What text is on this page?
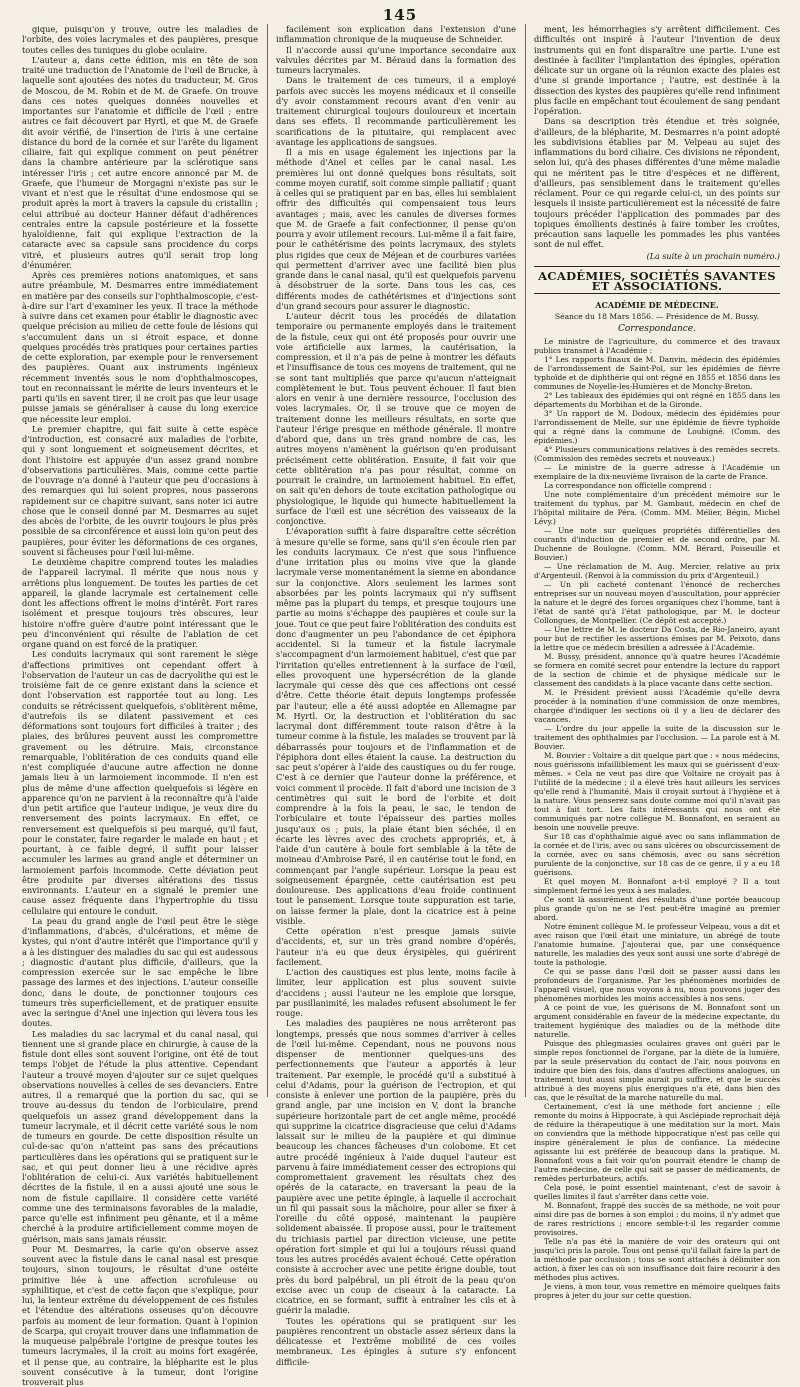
145

gique, puisqu'on y trouve, outre les maladies de l'orbite, des voies lacrymales et des paupières, presque toutes celles des tuniques du globe oculaire.

L'auteur a, dans cette édition, mis en tête de son traité une traduction de l'Anatomie de l'œil de Brucke, à laquelle sont ajoutées des notes du traducteur, M. Gros de Moscou, de M. Robin et de M. de Graefe. On trouve dans ces notes quelques données nouvelles et importantes sur l'anatomie et difficile de l'œil ; entre autres ce fait découvert par Hyrtl, et que M. de Graefe dit avoir vérifié, de l'insertion de l'iris à une certaine distance du bord de la cornée et sur l'arête du ligament ciliaire, fait qui explique comment on peut pénétrer dans la chambre antérieure par la sclérotique sans intéresser l'iris ; cet autre encore annoncé par M. de Graefe, que l'humeur de Morgagni n'existe pas sur le vivant et n'est que le résultat d'une endosmose qui se produit après la mort à travers la capsule du cristallin ; celui attribué au docteur Hanner défaut d'adhérences centrales entre la capsule postérieure et la fossette hyaloïdienne, fait qui explique l'extraction de la cataracte avec sa capsule sans procidence du corps vitré, et plusieurs autres qu'il serait trop long d'énumérer.

Après ces premières notions anatomiques, et sans autre préambule, M. Desmarres entre immédiatement en matière par des conseils sur l'ophthalmoscopie, c'est-à-dire sur l'art d'examiner les yeux. Il trace la méthode à suivre dans cet examen pour établir le diagnostic avec quelque précision au milieu de cette foule de lésions qui s'accumulent dans un si étroit espace, et donne quelques procédés très pratiques pour certaines parties de cette exploration, par exemple pour le renversement des paupières. Quant aux instruments ingénieux récemment inventés sous le nom d'ophthalmoscopes, tout en reconnaissant le mérite de leurs inventeurs et le parti qu'ils en savent tirer, il ne croit pas que leur usage puisse jamais se généraliser à cause du long exercice que nécessite leur emploi.

Le premier chapitre, qui fait suite à cette espèce d'introduction, est consacré aux maladies de l'orbite, qui y sont longuement et soigneusement décrites, et dont l'histoire est appuyée d'un assez grand nombre d'observations particulières. Mais, comme cette partie de l'ouvrage n'a donné à l'auteur que peu d'occasions à des remarques qui lui soient propres, nous passerons rapidement sur ce chapitre suivant, sans noter ici autre chose que le conseil donné par M. Desmarres au sujet des abcès de l'orbite, de les ouvrir toujours le plus près possible de sa circonférence et aussi loin qu'on peut des paupières, pour éviter les déformations de ces organes, souvent si fâcheuses pour l'œil lui-même.

Le deuxième chapitre comprend toutes les maladies de l'appareil lacrymal. Il mérite que nous nous y arrêtions plus longuement. De toutes les parties de cet appareil, la glande lacrymale est certainement celle dont les affections offrent le moins d'intérêt. Fort rares isolément et presque toujours très obscures, leur histoire n'offre guère d'autre point intéressant que le peu d'inconvénient qui résulte de l'ablation de cet organe quand on est forcé de la pratiquer.

Les conduits lacrymaux qui sont rarement le siège d'affections primitives ont cependant offert à l'observation de l'auteur un cas de dacryolithe qui est le troisième fait de ce genre existant dans la science et dont l'observation est rapportée tout au long. Les conduits se rétrécissent quelquefois, s'oblitèrent même, d'autrefois ils se dilatent passivement et ces déformations sont toujours fort difficiles à traiter ; des plaies, des brûlures peuvent aussi les compromettre gravement ou les détruire. Mais, circonstance remarquable, l'oblitération de ces conduits quand elle n'est compliquée d'aucune autre affection ne donne jamais lieu à un larmoiement incommode. Il n'en est plus de même d'une affection quelquefois si légère en apparence qu'on ne parvient à la reconnaître qu'à l'aide d'un petit artifice que l'auteur indique, je veux dire du renversement des points lacrymaux. En effet, ce renversement est quelquefois si peu marqué, qu'il faut, pour le constater, faire regarder le malade en haut ; et pourtant, à ce faible degré, il suffit pour laisser accumuler les larmes au grand angle et déterminer un larmoiement parfois incommode. Cette déviation peut être produite par diverses altérations des tissus environnants. L'auteur en a signalé le premier une cause assez fréquente dans l'hypertrophie du tissu cellulaire qui entoure le conduit.

La peau du grand angle de l'œil peut être le siège d'inflammations, d'abcès, d'ulcérations, et même de kystes, qui n'ont d'autre intérêt que l'importance qu'il y a à les distinguer des maladies du sac qui est audessous ; diagnostic d'autant plus difficile, d'ailleurs, que la compression exercée sur le sac empêche le libre passage des larmes et des injections. L'auteur conseille donc, dans le doute, de ponctionner toujours ces tumeurs très superficiellement, et de pratiquer ensuite avec la seringue d'Anel une injection qui lèvera tous les doutes.

Les maladies du sac lacrymal et du canal nasal, qui tiennent une si grande place en chirurgie, à cause de la fistule dont elles sont souvent l'origine, ont été de tout temps l'objet de l'étude la plus attentive. Cependant l'auteur a trouvé moyen d'ajouter sur ce sujet quelques observations nouvelles à celles de ses devanciers. Entre autres, il a remarqué que la portion du sac, qui se trouve au-dessus du tendon de l'orbiculaire, prend quelquefois un assez grand développement dans la tumeur lacrymale, et il décrit cette variété sous le nom de tumeurs en gourde. De cette disposition résulte un cul-de-sac qu'on n'atteint pas sans des précautions particulières dans les opérations qui se pratiquent sur le sac, et qui peut donner lieu à une récidive après l'oblitération de celui-ci. Aux variétés habituellement décrites de la fistule, il en a aussi ajouté une sous le nom de fistule capillaire. Il considère cette variété comme une des terminaisons favorables de la maladie, parce qu'elle est infiniment peu gênante, et il a même cherché à la produire artificiellement comme moyen de guérison, mais sans jamais réussir.

Pour M. Desmarres, la carie qu'on observe assez souvent avec la fistule dans le canal nasal est presque toujours, sinon toujours, le résultat d'une ostéite primitive liée à une affection scrofuleuse ou syphilitique, et c'est de cette façon que s'explique, pour lui, la lenteur extrême du développement de ces fistules et l'étendue des altérations osseuses qu'on découvre parfois au moment de leur formation. Quant à l'opinion de Scarpa, qui croyait trouver dans une inflammation de la muqueuse palpébrale l'origine de presque toutes les tumeurs lacrymales, il la croit au moins fort exagérée, et il pense que, au contraire, la blépharite est le plus souvent consécutive à la tumeur, dont l'origine trouverait plus

facilement son explication dans l'extension d'une inflammation chronique de la muqueuse de Schneider.

Il n'accorde aussi qu'une importance secondaire aux valvules décrites par M. Béraud dans la formation des tumeurs lacrymales.

Dans le traitement de ces tumeurs, il a employé parfois avec succès les moyens médicaux et il conseille d'y avoir constamment recours avant d'en venir au traitement chirurgical toujours douloureux et incertain dans ses effets. Il recommande particulièrement les scarifications de la pituitaire, qui remplacent avec avantage les applications de sangsues.

Il a mis en usage également les injections par la méthode d'Anel et celles par le canal nasal. Les premières lui ont donné quelques bons résultats, soit comme moyen curatif, soit comme simple palliatif ; quant à celles qui se pratiquent par en bas, elles lui semblaient offrir des difficultés qui compensaient tous leurs avantages ; mais, avec les canules de diverses formes que M. de Graefe a fait confectionner, il pense qu'on pourra y avoir utilement recours. Lui-même il a fait faire, pour le cathétérisme des points lacrymaux, des stylets plus rigides que ceux de Méjean et de courbures variées qui permettent d'arriver avec une facilité bien plus grande dans le canal nasal, qu'il est quelquefois parvenu à désobstruer de la sorte. Dans tous les cas, ces différents modes de cathétérismes et d'injections sont d'un grand secours pour assurer le diagnostic.

L'auteur décrit tous les procédés de dilatation temporaire ou permanente employés dans le traitement de la fistule, ceux qui ont été proposés pour ouvrir une voie artificielle aux larmes, la cautérisation, la compression, et il n'a pas de peine à montrer les défauts et l'insuffisance de tous ces moyens de traitement, qui ne se sont tant multipliés que parce qu'aucun n'atteignait complètement le but. Tous peuvent échouer. Il faut bien alors en venir à une dernière ressource, l'occlusion des voies lacrymales. Or, il se trouve que ce moyen de traitement donne les meilleurs résultats, en sorte que l'auteur l'érige presque en méthode générale. Il montre d'abord que, dans un très grand nombre de cas, les autres moyens n'amènent la guérison qu'en produisant précisément cette oblitération. Ensuite, il fait voir que cette oblitération n'a pas pour résultat, comme on pourrait le craindre, un larmoiement habituel. En effet, on sait qu'en dehors de toute excitation pathologique ou physiologique, le liquide qui humecte habituellement la surface de l'œil est une sécrétion des vaisseaux de la conjonctive.

L'évaporation suffit à faire disparaître cette sécrétion à mesure qu'elle se forme, sans qu'il s'en écoule rien par les conduits lacrymaux. Ce n'est que sous l'influence d'une irritation plus ou moins vive que la glande lacrymale verse momentanément la sienne en abondance sur la conjonctive. Alors seulement les larmes sont absorbées par les points lacrymaux qui n'y suffisent même pas la plupart du temps, et presque toujours une partie au moins s'échappe des paupières et coule sur la joue. Tout ce que peut faire l'oblitération des conduits est donc d'augmenter un peu l'abondance de cet épiphora accidentel. Si la tumeur et la fistule lacrymale s'accompagnent d'un larmoiement habituel, c'est que par l'irritation qu'elles entretiennent à la surface de l'œil, elles provoquent une hypersécrétion de la glande lacrymale qui cesse dès que ces affections ont cessé d'être. Cette théorie était depuis longtemps professée par l'auteur, elle a été aussi adoptée en Allemagne par M. Hyrtl. Or, la destruction et l'oblitération du sac lacrymal dont différemment toute raison d'être à la tumeur comme à la fistule, les malades se trouvent par là débarrassés pour toujours et de l'inflammation et de l'épiphora dont elles étaient la cause. La destruction du sac peut s'opérer à l'aide des caustiques ou du fer rouge. C'est à ce dernier que l'auteur donne la préférence, et voici comment il procède. Il fait d'abord une incision de 3 centimètres qui suit le bord de l'orbite et doit comprendre à la fois la peau, le sac, le tendon de l'orbiculaire et toute l'épaisseur des parties molles jusqu'aux os ; puis, la plaie étant bien séchée, il en écarte les lèvres avec des crochets appropriés, et, à l'aide d'un cautère à boule fort semblable à la tête de moineau d'Ambroise Paré, il en cautérise tout le fond, en commençant par l'angle supérieur. Lorsque la peau est soigneusement épargnée, cette cautérisation est peu douloureuse. Des applications d'eau froide continuent tout le pansement. Lorsque toute suppuration est tarie, on laisse fermer la plaie, dont la cicatrice est à peine visible.

Cette opération n'est presque jamais suivie d'accidents, et, sur un très grand nombre d'opérés, l'auteur n'a eu que deux érysipèles, qui guérirent facilement.

L'action des caustiques est plus lente, moins facile à limiter, leur application est plus souvent suivie d'accidens ; aussi l'auteur ne les emploie que lorsque, par pusillanimité, les malades refusent absolument le fer rouge.

Les maladies des paupières ne nous arrêteront pas longtemps, pressés que nous sommes d'arriver à celles de l'œil lui-même. Cependant, nous ne pouvons nous dispenser de mentionner quelques-uns des perfectionnements que l'auteur a apportés à leur traitement. Par exemple, le procédé qu'il a substitué à celui d'Adams, pour la guérison de l'ectropion, et qui consiste à enlever une portion de la paupière, près du grand angle, par une incision en V, dont la branche supérieure horizontale part de cet angle même, procédé qui supprime la cicatrice disgracieuse que celui d'Adams laissait sur le milieu de la paupière et qui diminue beaucoup les chances fâcheuses d'un colobome. Et cet autre procédé ingénieux à l'aide duquel l'auteur est parvenu à faire immédiatement cesser des ectropions qui compromettaient gravement les résultats chez des opérés de la cataracte, en traversant la peau de la paupière avec une petite épingle, à laquelle il accrochait un fil qui passait sous la mâchoire, pour aller se fixer à l'oreille du côté opposé, maintenant la paupière solidement abaissée. Il propose aussi, pour le traitement du trichiasis partiel par direction vicieuse, une petite opération fort simple et qui lui a toujours réussi quand tous les autres procédés avaient échoué. Cette opération consiste à accrocher avec une petite érigne double, tout près du bord palpébral, un pli étroit de la peau qu'on excise avec un coup de ciseaux à la cataracte. La cicatrice, en se formant, suffit à entraîner les cils et à guérir la maladie.

Toutes les opérations qui se pratiquent sur les paupières rencontrent un obstacle assez sérieux dans la délicatesse et l'extrême mobilité de ces voiles membraneux. Les épingles à suture s'y enfoncent difficile-

ment, les hémorrhagies s'y arrêtent difficilement. Ces difficultés ont inspiré à l'auteur l'invention de deux instruments qui en font disparaître une partie. L'une est destinée à faciliter l'implantation des épingles, opération délicate sur un organe où la réunion exacte des plaies est d'une si grande importance ; l'autre, est destinée à la dissection des kystes des paupières qu'elle rend infiniment plus facile en empêchant tout écoulement de sang pendant l'opération.

Dans sa description très étendue et très soignée, d'ailleurs, de la blépharite, M. Desmarres n'a point adopté les subdivisions établies par M. Velpeau au sujet des inflammations du bord ciliaire. Ces divisions ne répondent, selon lui, qu'à des phases différentes d'une même maladie qui ne méritent pas le titre d'espèces et ne diffèrent, d'ailleurs, pas sensiblement dans le traitement qu'elles réclament. Pour ce qui regarde celui-ci, un des points sur lesquels il insiste particulièrement est la nécessité de faire toujours précéder l'application des pommades par des topiques émollients destinés à faire tomber les croûtes, précaution sans laquelle les pommades les plus vantées sont de nul effet.

(La suite à un prochain numéro.)
ACADÉMIES, SOCIÉTÉS SAVANTES ET ASSOCIATIONS.
ACADÉMIE DE MÉDECINE.
Séance du 18 Mars 1856. — Présidence de M. Bussy.
Correspondance.

Le ministre de l'agriculture, du commerce et des travaux publics transmet à l'Académie :

1° Les rapports finaux de M. Danvin, médecin des épidémies de l'arrondissement de Saint-Pol, sur les épidémies de fièvre typhoïde et de diphthérie qui ont régné en 1855 et 1856 dans les communes de Noyelle-les-Humières et de Monchy-Breton.

2° Les tableaux des épidémies qui ont régné en 1855 dans les départements du Morbihan et de la Gironde.

3° Un rapport de M. Dodoux, médecin des épidémies pour l'arrondissement de Melle, sur une épidémie de fièvre typhoïde qui a régné dans la commune de Loubigné. (Comm. des épidémies.)

4° Plusieurs communications relatives à des remèdes secrets. (Commission des remèdes secrets et nouveaux.)

— Le ministre de la guerre adresse à l'Académie un exemplaire de la dix-neuvième livraison de la carte de France.

La correspondance non officielle comprend :

Une note complémentaire d'un précédent mémoire sur le traitement du typhus, par M. Gambaut, médecin en chef de l'hôpital militaire de Péra. (Comm. MM. Mélier, Bégin, Michel Lévy.)

— Une note sur quelques propriétés différentielles des courants d'induction de premier et de second ordre, par M. Duchenne de Boulogne. (Comm. MM. Bérard, Poiseuille et Bouvier.)

— Une réclamation de M. Aug. Mercier, relative au prix d'Argenteuil. (Renvoi à la commission du prix d'Argenteuil.)

— Un pli cacheté contenant l'énoncé de recherches entreprises sur un nouveau moyen d'auscultation, pour apprécier la nature et le degré des forces organiques chez l'homme, tant à l'état de santé qu'à l'état pathologique, par M. le docteur Collongues, de Montpellier. (Ce dépôt est accepté.)

— Une lettre de M. le docteur Da Costa, de Rio-Janeiro, ayant pour but de rectifier les assertions émises par M. Peixoto, dans la lettre que ce médecin brésilien a adressée à l'Académie.

M. Bussy, président, annonce qu'à quatre heures l'Académie se formera en comité secret pour entendre la lecture du rapport de la section de chimie et de physique médicale sur le classement des candidats à la place vacante dans cette section.

M. le Président prévient aussi l'Académie qu'elle devra procéder à la nomination d'une commission de onze membres, chargée d'indiquer les sections où il y a lieu de déclarer des vacances.

— L'ordre du jour appelle la suite de la discussion sur le traitement des ophthalmies par l'occlusion. — La parole est à M. Bouvier.

M. Bouvier : Voltaire a dit quelque part que : « nous médecins, nous guérissons infailliblement les maux qui se guérissent d'eux-mêmes. » Cela ne veut pas dire que Voltaire ne croyait pas à l'utilité de la médecine ; il a élevé très haut ailleurs les services qu'elle rend à l'humanité. Mais il croyait surtout à l'hygiène et à la nature. Vous penserez sans doute comme moi qu'il n'avait pas tout à fait tort. Les faits intéressants qui nous ont été communiqués par notre collègue M. Bonnafont, en seraient au besoin une nouvelle preuve.

Sur 18 cas d'ophthalmie aiguë avec ou sans inflammation de la cornée et de l'iris, avec ou sans ulcères ou obscurcissement de la cornée, avec ou sans chémosis, avec ou sans sécrétion purulente de la conjonctive, sur 18 cas de ce genre, il y a eu 18 guérisons.

Et quel moyen M. Bonnafont a-t-il employé ? Il a tout simplement fermé les yeux à ses malades.

Ce sont là assurément des résultats d'une portée beaucoup plus grande qu'on ne se l'est peut-être imaginé au premier abord.

Notre éminent collègue M. le professeur Velpeau, vous a dit et avec raison que l'œil était une miniature, un abrégé de toute l'anatomie humaine. J'ajouterai que, par une conséquence naturelle, les maladies des yeux sont aussi une sorte d'abrégé de toute la pathologie.

Ce qui se passe dans l'œil doit se passer aussi dans les profondeurs de l'organisme. Par les phénomènes morbides de l'appareil visuel, que nous voyons à nu, nous pouvons juger des phénomènes morbides les moins accessibles à nos sens.

A ce point de vue, les guérisons de M. Bonnafont sont un argument considérable en faveur de la médecine expectante, du traitement hygiénique des maladies ou de la méthode dite naturelle.

Puisque des phlegmasies oculaires graves ont guéri par le simple repos fonctionnel de l'organe, par la diète de la lumière, par la seule préservation du contact de l'air, nous pouvons en induire que bien des fois, dans d'autres affections analogues, un traitement tout aussi simple aurait pu suffire, et que le succès attribué à des moyens plus énergiques n'a été, dans bien des cas, que le résultat de la marche naturelle du mal.

Certainement, c'est là une méthode fort ancienne ; elle remonte du moins à Hippocrate, à qui Asclépiade reprochait déjà de réduire la thérapeutique à une méditation sur la mort. Mais on conviendra que la méthode hippocratique n'est pas celle qui inspire généralement le plus de confiance. La médecine agissante lui est préférée de beaucoup dans la pratique. M. Bonnafont vous a fait voir qu'on pourrait étendre le champ de l'autre médecine, de celle qui sait se passer de médicaments, de remèdes perturbateurs, actifs.

Cela posé, le point essentiel maintenant, c'est de savoir à quelles limites il faut s'arrêter dans cette voie.

M. Bonnafont, frappé des succès de sa méthode, ne voit pour ainsi dire pas de bornes à son emploi ; du moins, il n'y admet que de rares restrictions ; encore semble-t-il les regarder comme provisoires.

Telle n'a pas été la manière de voir des orateurs qui ont jusqu'ici pris la parole. Tous ont pensé qu'il fallait faire la part de la méthode par occlusion ; tous se sont attachés à délimiter son action, à fixer les cas où son insuffisance doit faire recourir à des méthodes plus actives.

Je viens, à mon tour, vous remettre en mémoire quelques faits propres à jeter du jour sur cette question.
